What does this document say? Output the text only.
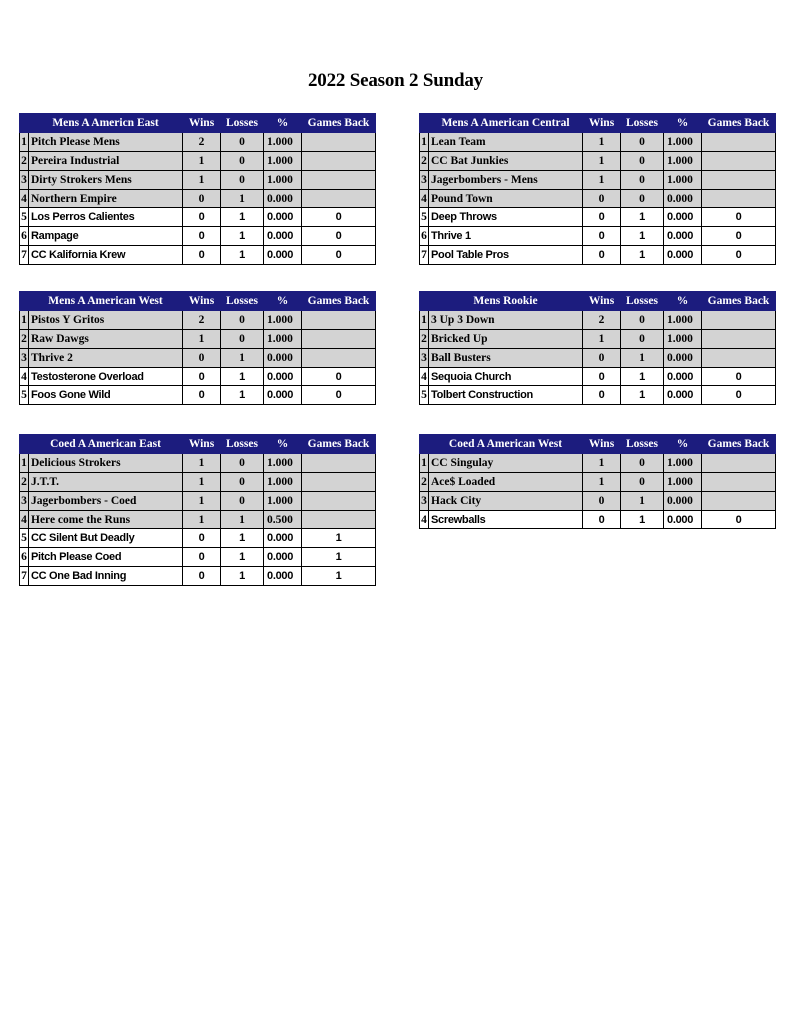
2022 Season 2 Sunday
	Mens A Americn East	Wins	Losses	%	Games Back
1	Pitch Please Mens	2	0	1.000	
2	Pereira Industrial	1	0	1.000	
3	Dirty Strokers Mens	1	0	1.000	
4	Northern Empire	0	1	0.000	
5	Los Perros Calientes	0	1	0.000	0
6	Rampage	0	1	0.000	0
7	CC Kalifornia Krew	0	1	0.000	0
	Mens A American Central	Wins	Losses	%	Games Back
1	Lean Team	1	0	1.000	
2	CC Bat Junkies	1	0	1.000	
3	Jagerbombers - Mens	1	0	1.000	
4	Pound Town	0	0	0.000	
5	Deep Throws	0	1	0.000	0
6	Thrive 1	0	1	0.000	0
7	Pool Table Pros	0	1	0.000	0
	Mens A American West	Wins	Losses	%	Games Back
1	Pistos Y Gritos	2	0	1.000	
2	Raw Dawgs	1	0	1.000	
3	Thrive 2	0	1	0.000	
4	Testosterone Overload	0	1	0.000	0
5	Foos Gone Wild	0	1	0.000	0
	Mens Rookie	Wins	Losses	%	Games Back
1	3 Up 3 Down	2	0	1.000	
2	Bricked Up	1	0	1.000	
3	Ball Busters	0	1	0.000	
4	Sequoia Church	0	1	0.000	0
5	Tolbert Construction	0	1	0.000	0
	Coed A American East	Wins	Losses	%	Games Back
1	Delicious Strokers	1	0	1.000	
2	J.T.T.	1	0	1.000	
3	Jagerbombers - Coed	1	0	1.000	
4	Here come the Runs	1	1	0.500	
5	CC Silent But Deadly	0	1	0.000	1
6	Pitch Please Coed	0	1	0.000	1
7	CC One Bad Inning	0	1	0.000	1
	Coed A American West	Wins	Losses	%	Games Back
1	CC Singulay	1	0	1.000	
2	Ace$ Loaded	1	0	1.000	
3	Hack City	0	1	0.000	
4	Screwballs	0	1	0.000	0
